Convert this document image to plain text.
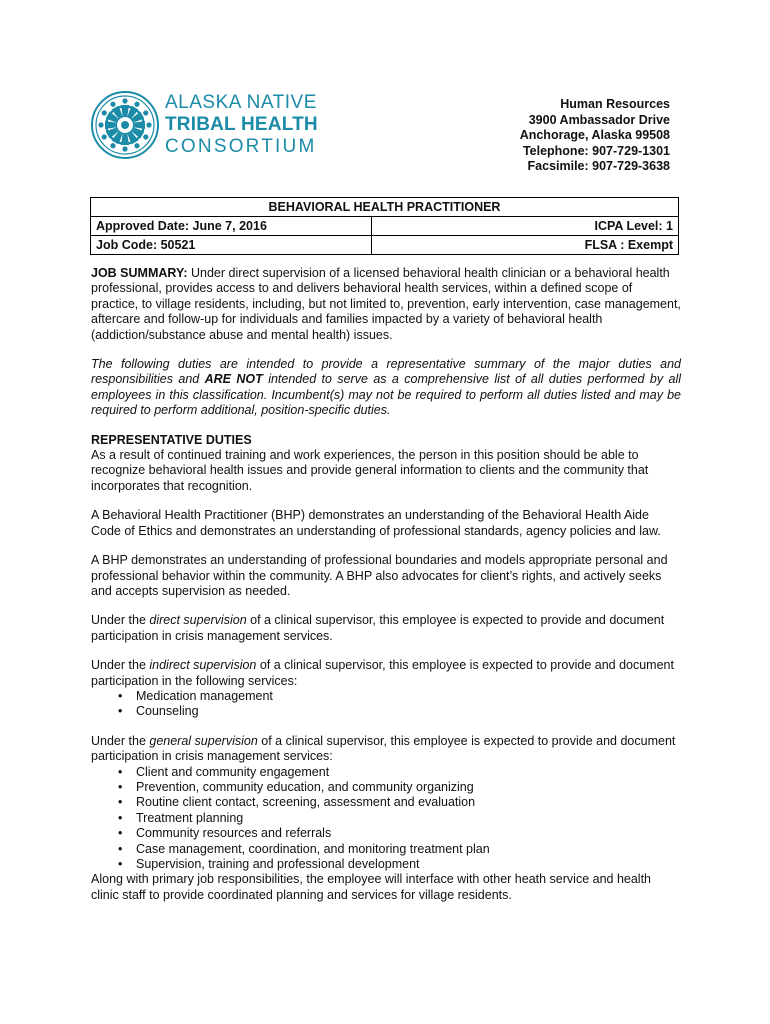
ALASKA NATIVE
TRIBAL HEALTH
CONSORTIUM
Human Resources
3900 Ambassador Drive
Anchorage, Alaska 99508
Telephone: 907-729-1301
Facsimile: 907-729-3638
BEHAVIORAL HEALTH PRACTITIONER	
Approved Date: June 7, 2016	ICPA Level: 1
Job Code: 50521	FLSA : Exempt

JOB SUMMARY: Under direct supervision of a licensed behavioral health clinician or a behavioral health professional, provides access to and delivers behavioral health services, within a defined scope of practice, to village residents, including, but not limited to, prevention, early intervention, case management, aftercare and follow-up for individuals and families impacted by a variety of behavioral health (addiction/substance abuse and mental health) issues.

The following duties are intended to provide a representative summary of the major duties and responsibilities and ARE NOT intended to serve as a comprehensive list of all duties performed by all employees in this classification. Incumbent(s) may not be required to perform all duties listed and may be required to perform additional, position-specific duties.

REPRESENTATIVE DUTIES
As a result of continued training and work experiences, the person in this position should be able to recognize behavioral health issues and provide general information to clients and the community that incorporates that recognition.

A Behavioral Health Practitioner (BHP) demonstrates an understanding of the Behavioral Health Aide Code of Ethics and demonstrates an understanding of professional standards, agency policies and law.

A BHP demonstrates an understanding of professional boundaries and models appropriate personal and professional behavior within the community. A BHP also advocates for client’s rights, and actively seeks and accepts supervision as needed.

Under the direct supervision of a clinical supervisor, this employee is expected to provide and document participation in crisis management services.

Under the indirect supervision of a clinical supervisor, this employee is expected to provide and document participation in the following services:

• Medication management
• Counseling

Under the general supervision of a clinical supervisor, this employee is expected to provide and document participation in crisis management services:

• Client and community engagement
• Prevention, community education, and community organizing
• Routine client contact, screening, assessment and evaluation
• Treatment planning
• Community resources and referrals
• Case management, coordination, and monitoring treatment plan
• Supervision, training and professional development

Along with primary job responsibilities, the employee will interface with other heath service and health clinic staff to provide coordinated planning and services for village residents.
